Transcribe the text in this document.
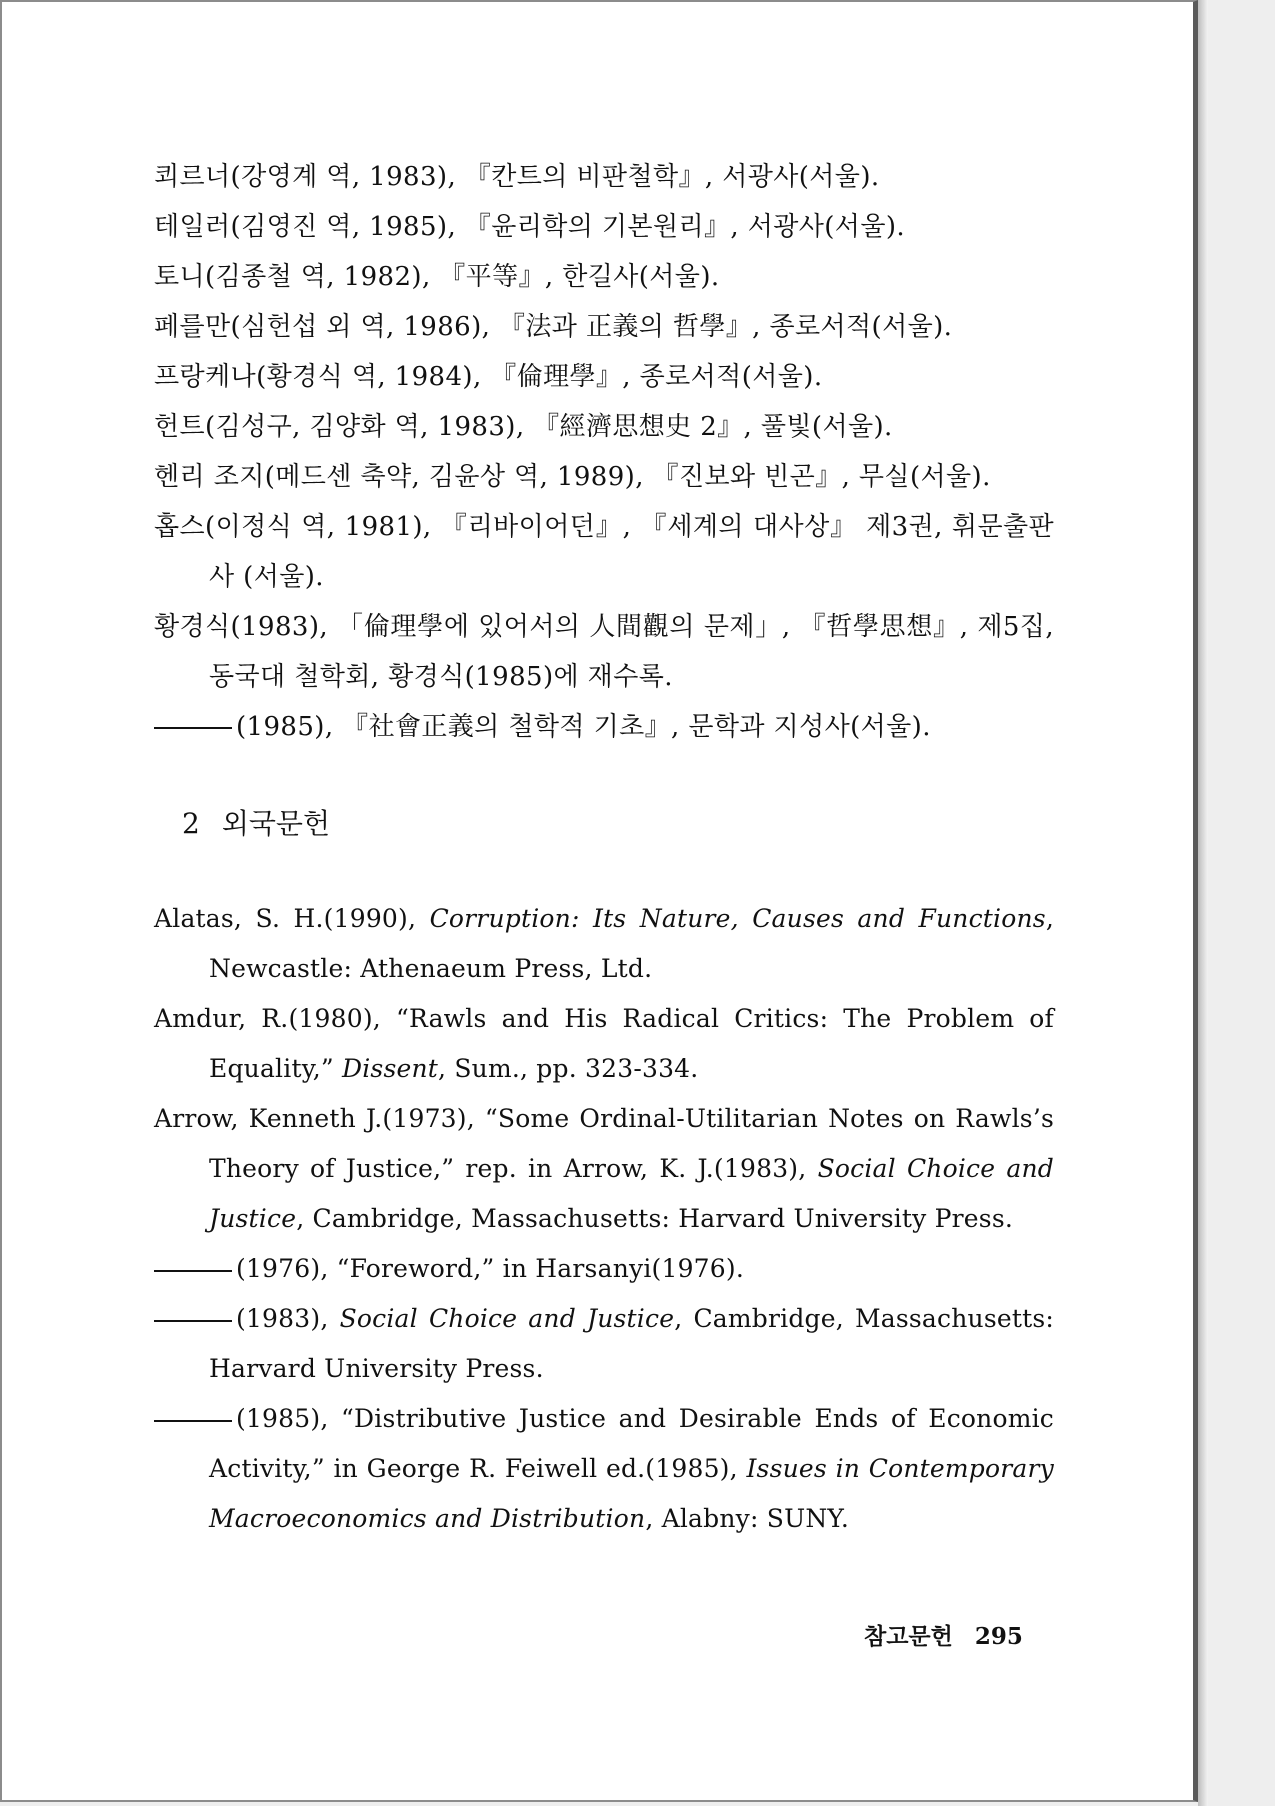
쾨르너(강영계 역, 1983), 『칸트의 비판철학』, 서광사(서울).
테일러(김영진 역, 1985), 『윤리학의 기본원리』, 서광사(서울).
토니(김종철 역, 1982), 『平等』, 한길사(서울).
페를만(심헌섭 외 역, 1986), 『法과 正義의 哲學』, 종로서적(서울).
프랑케나(황경식 역, 1984), 『倫理學』, 종로서적(서울).
헌트(김성구, 김양화 역, 1983), 『經濟思想史 2』, 풀빛(서울).
헨리 조지(메드센 축약, 김윤상 역, 1989), 『진보와 빈곤』, 무실(서울).
홉스(이정식 역, 1981), 『리바이어던』, 『세계의 대사상』 제3권, 휘문출판사 (서울).
황경식(1983), 「倫理學에 있어서의 人間觀의 문제」, 『哲學思想』, 제5집, 동국대 철학회, 황경식(1985)에 재수록.
(1985), 『社會正義의 철학적 기초』, 문학과 지성사(서울).
2 외국문헌
Alatas, S. H.(1990), Corruption: Its Nature, Causes and Functions, Newcastle: Athenaeum Press, Ltd.
Amdur, R.(1980), “Rawls and His Radical Critics: The Problem of Equality,” Dissent, Sum., pp. 323-334.
Arrow, Kenneth J.(1973), “Some Ordinal-Utilitarian Notes on Rawls’s Theory of Justice,” rep. in Arrow, K. J.(1983), Social Choice and Justice, Cambridge, Massachusetts: Harvard University Press.
(1976), “Foreword,” in Harsanyi(1976).
(1983), Social Choice and Justice, Cambridge, Massachusetts: Harvard University Press.
(1985), “Distributive Justice and Desirable Ends of Economic Activity,” in George R. Feiwell ed.(1985), Issues in Contemporary Macroeconomics and Distribution, Alabny: SUNY.
참고문헌 295
